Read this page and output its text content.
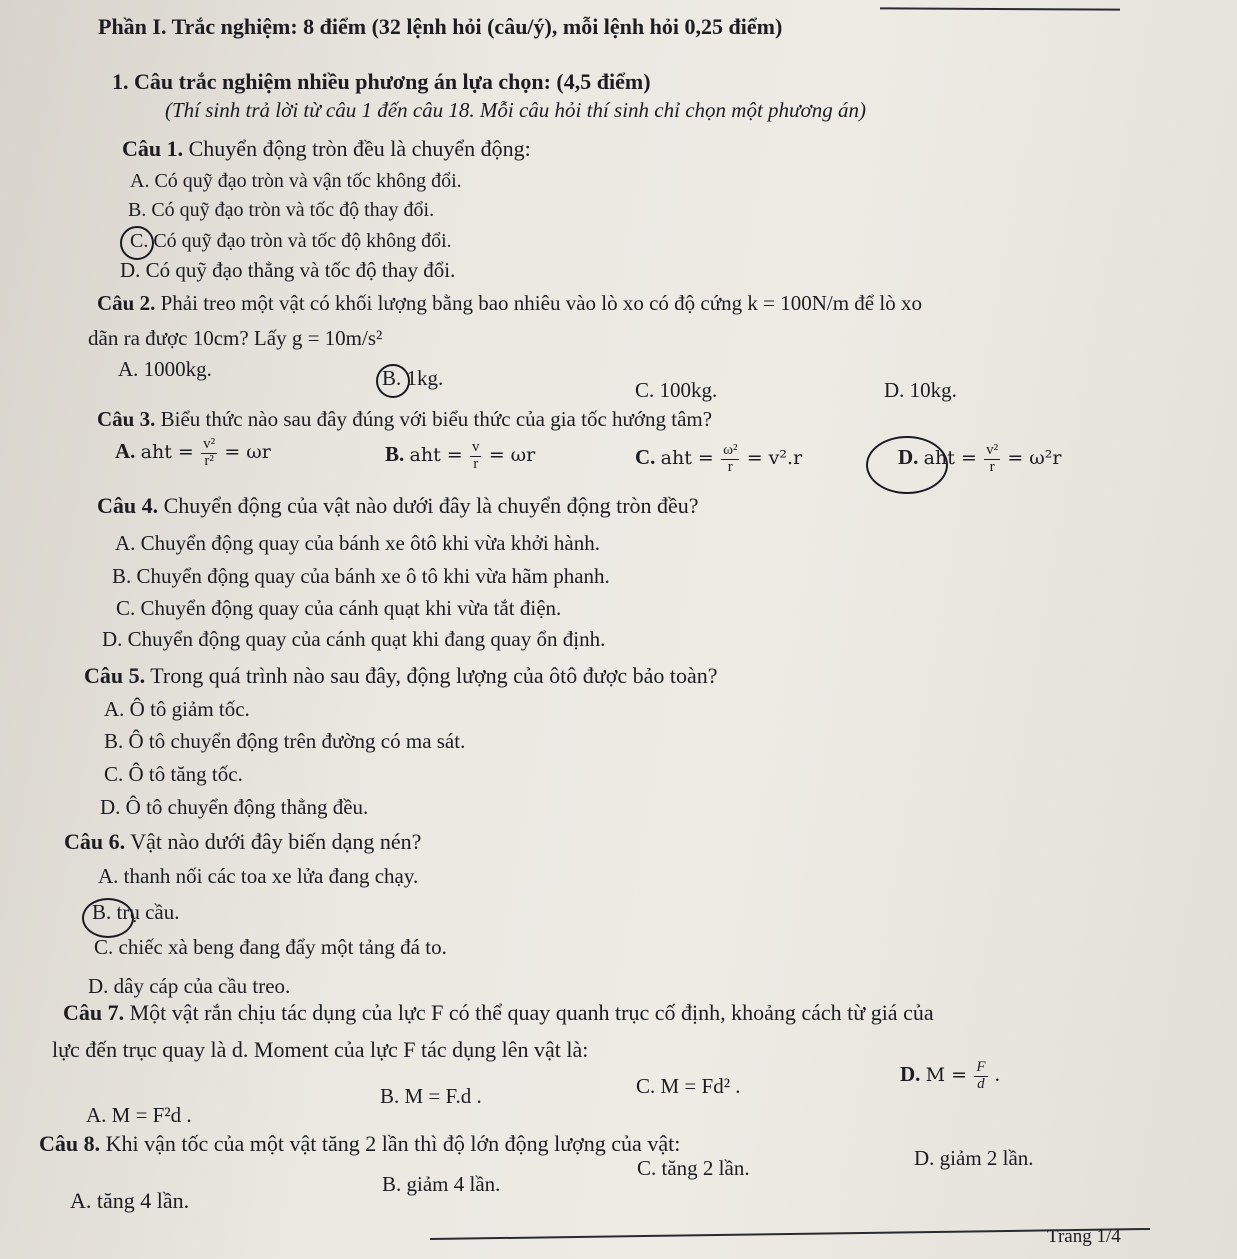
Phần I. Trắc nghiệm: 8 điểm (32 lệnh hỏi (câu/ý), mỗi lệnh hỏi 0,25 điểm)
1. Câu trắc nghiệm nhiều phương án lựa chọn: (4,5 điểm)
(Thí sinh trả lời từ câu 1 đến câu 18. Mỗi câu hỏi thí sinh chỉ chọn một phương án)
Câu 1. Chuyển động tròn đều là chuyển động:
A. Có quỹ đạo tròn và vận tốc không đổi.
B. Có quỹ đạo tròn và tốc độ thay đổi.
C. Có quỹ đạo tròn và tốc độ không đổi.
D. Có quỹ đạo thẳng và tốc độ thay đổi.
Câu 2. Phải treo một vật có khối lượng bằng bao nhiêu vào lò xo có độ cứng k = 100N/m để lò xo
dãn ra được 10cm? Lấy g = 10m/s²
A. 1000kg.	B. 1kg.	C. 100kg.	D. 10kg.
Câu 3. Biểu thức nào sau đây đúng với biểu thức của gia tốc hướng tâm?
A. aht = $\frac{\text{v²}}{\text{r²}} = \omega r$	B. aht = $\frac{v}{r} = \omega r$	C. aht = $\frac{\text{ω²}}{r} = v^2.r$	D. aht = $\frac{\text{v²}}{r} = \omega^2r$
Câu 4. Chuyển động của vật nào dưới đây là chuyển động tròn đều?
A. Chuyển động quay của bánh xe ôtô khi vừa khởi hành.
B. Chuyển động quay của bánh xe ô tô khi vừa hãm phanh.
C. Chuyển động quay của cánh quạt khi vừa tắt điện.
D. Chuyển động quay của cánh quạt khi đang quay ổn định.
Câu 5. Trong quá trình nào sau đây, động lượng của ôtô được bảo toàn?
A. Ô tô giảm tốc.
B. Ô tô chuyển động trên đường có ma sát.
C. Ô tô tăng tốc.
D. Ô tô chuyển động thẳng đều.
Câu 6. Vật nào dưới đây biến dạng nén?
A. thanh nối các toa xe lửa đang chạy.
B. trụ cầu.
C. chiếc xà beng đang đẩy một tảng đá to.
D. dây cáp của cầu treo.
Câu 7. Một vật rắn chịu tác dụng của lực F có thể quay quanh trục cố định, khoảng cách từ giá của
lực đến trục quay là d. Moment của lực F tác dụng lên vật là:
A. M = F²d .
B. M = F.d .	C. M = Fd² .	D. $M = \frac{F}{d}$ .
Câu 8. Khi vận tốc của một vật tăng 2 lần thì độ lớn động lượng của vật:
A. tăng 4 lần.
B. giảm 4 lần.
C. tăng 2 lần.	D. giảm 2 lần.
Trang 1/4
